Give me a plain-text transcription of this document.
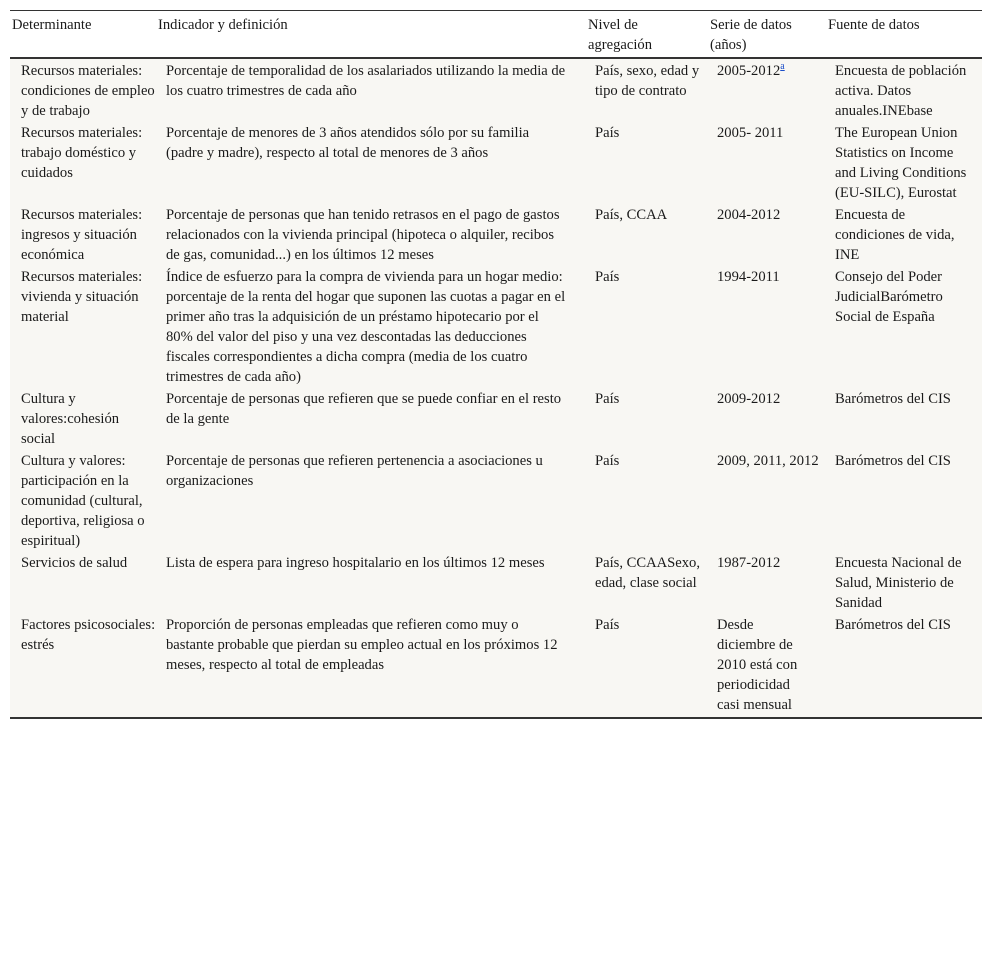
Determinante	Indicador y definición	Nivel de agregación	Serie de datos (años)	Fuente de datos
Recursos materiales: condiciones de empleo y de trabajo	Porcentaje de temporalidad de los asalariados utilizando la media de los cuatro trimestres de cada año	País, sexo, edad y tipo de contrato	2005-2012$^a$	Encuesta de población activa. Datos anuales.INEbase
Recursos materiales: trabajo doméstico y cuidados	Porcentaje de menores de 3 años atendidos sólo por su familia (padre y madre), respecto al total de menores de 3 años	País	2005- 2011	The European Union Statistics on Income and Living Conditions (EU-SILC), Eurostat
Recursos materiales: ingresos y situación económica	Porcentaje de personas que han tenido retrasos en el pago de gastos relacionados con la vivienda principal (hipoteca o alquiler, recibos de gas, comunidad...) en los últimos 12 meses	País, CCAA	2004-2012	Encuesta de condiciones de vida, INE
Recursos materiales: vivienda y situación material	Índice de esfuerzo para la compra de vivienda para un hogar medio: porcentaje de la renta del hogar que suponen las cuotas a pagar en el primer año tras la adquisición de un préstamo hipotecario por el 80% del valor del piso y una vez descontadas las deducciones fiscales correspondientes a dicha compra (media de los cuatro trimestres de cada año)	País	1994-2011	Consejo del Poder JudicialBarómetro Social de España
Cultura y valores:cohesión social	Porcentaje de personas que refieren que se puede confiar en el resto de la gente	País	2009-2012	Barómetros del CIS
Cultura y valores: participación en la comunidad (cultural, deportiva, religiosa o espiritual)	Porcentaje de personas que refieren pertenencia a asociaciones u organizaciones	País	2009, 2011, 2012	Barómetros del CIS
Servicios de salud	Lista de espera para ingreso hospitalario en los últimos 12 meses	País, CCAASexo, edad, clase social	1987-2012	Encuesta Nacional de Salud, Ministerio de Sanidad
Factores psicosociales: estrés	Proporción de personas empleadas que refieren como muy o bastante probable que pierdan su empleo actual en los próximos 12 meses, respecto al total de empleadas	País	Desde diciembre de 2010 está con periodicidad casi mensual	Barómetros del CIS
